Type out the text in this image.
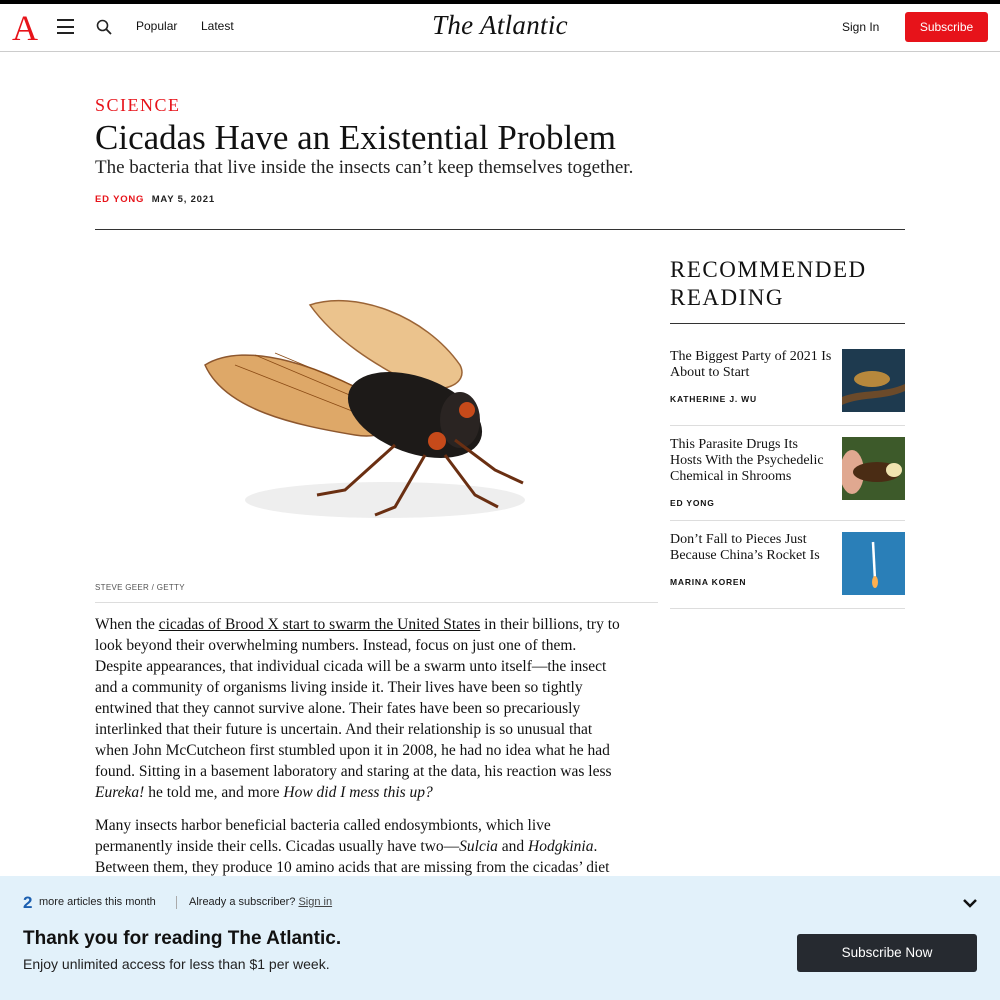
A	Popular Latest	The Atlantic	Sign In	Subscribe
SCIENCE
Cicadas Have an Existential Problem
The bacteria that live inside the insects can’t keep themselves together.
ED YONG MAY 5, 2021
STEVE GEER / GETTY

When the cicadas of Brood X start to swarm the United States in their billions, try to look beyond their overwhelming numbers. Instead, focus on just one of them. Despite appearances, that individual cicada will be a swarm unto itself—the insect and a community of organisms living inside it. Their lives have been so tightly entwined that they cannot survive alone. Their fates have been so precariously interlinked that their future is uncertain. And their relationship is so unusual that when John McCutcheon first stumbled upon it in 2008, he had no idea what he had found. Sitting in a basement laboratory and staring at the data, his reaction was less Eureka! he told me, and more How did I mess this up?

Many insects harbor beneficial bacteria called endosymbionts, which live permanently inside their cells. Cicadas usually have two—Sulcia and Hodgkinia. Between them, they produce 10 amino acids that are missing from the cicadas’ diet

RECOMMENDED READING
The Biggest Party of 2021 Is About to Start
KATHERINE J. WU
This Parasite Drugs Its Hosts With the Psychedelic Chemical in Shrooms
ED YONG
Don’t Fall to Pieces Just Because China’s Rocket Is
MARINA KOREN
2 more articles this month	Already a subscriber? Sign in
Thank you for reading The Atlantic.
Enjoy unlimited access for less than $1 per week.
Subscribe Now
